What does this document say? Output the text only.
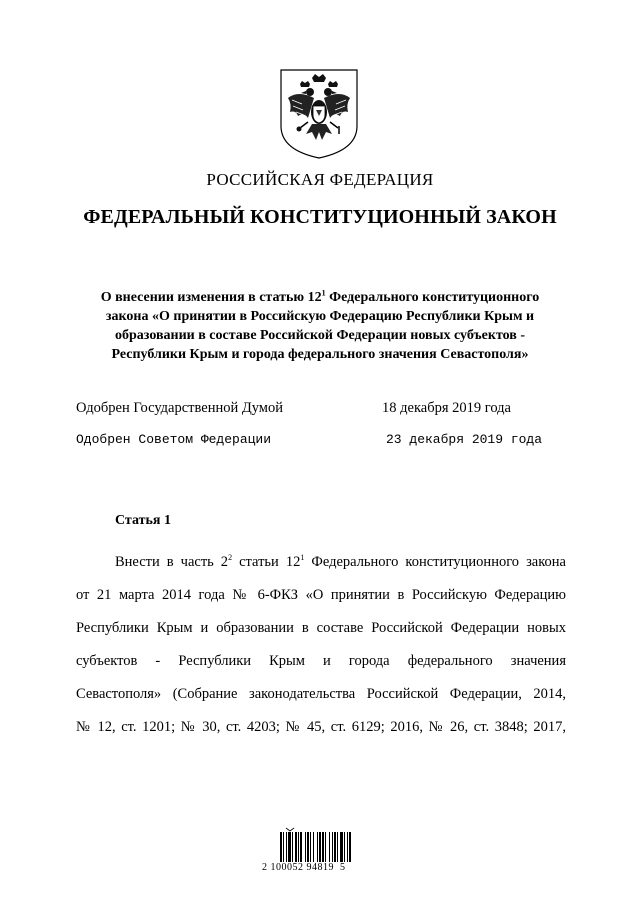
РОССИЙСКАЯ ФЕДЕРАЦИЯ
ФЕДЕРАЛЬНЫЙ КОНСТИТУЦИОННЫЙ ЗАКОН

О внесении изменения в статью $12^1$ Федерального конституционного

закона «О принятии в Российскую Федерацию Республики Крым и

образовании в составе Российской Федерации новых субъектов -

Республики Крым и города федерального значения Севастополя»

Одобрен Государственной Думой	18 декабря 2019 года
Одобрен Советом Федерации	23 декабря 2019 года
Статья 1
Внести в часть $2^2$ статьи $12^1$ Федерального конституционного закона
от 21 марта 2014 года № 6-ФКЗ «О принятии в Российскую Федерацию
Республики Крым и образовании в составе Российской Федерации новых
субъектов - Республики Крым и города федерального значения
Севастополя» (Собрание законодательства Российской Федерации, 2014,
№ 12, ст. 1201; № 30, ст. 4203; № 45, ст. 6129; 2016, № 26, ст. 3848; 2017,
2 100052 94819  5
